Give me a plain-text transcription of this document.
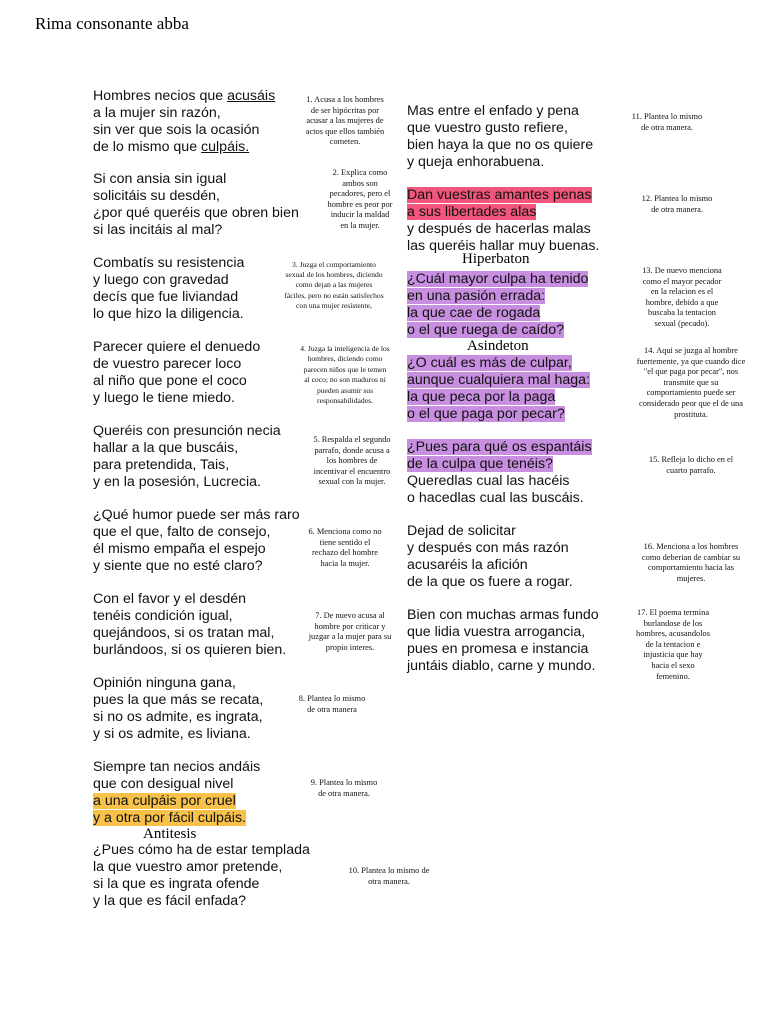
Rima consonante abba
Hombres necios que acusáis
a la mujer sin razón,
sin ver que sois la ocasión
de lo mismo que culpáis.
Si con ansia sin igual
solicitáis su desdén,
¿por qué queréis que obren bien
si las incitáis al mal?
Combatís su resistencia
y luego con gravedad
decís que fue liviandad
lo que hizo la diligencia.
Parecer quiere el denuedo
de vuestro parecer loco
al niño que pone el coco
y luego le tiene miedo.
Queréis con presunción necia
hallar a la que buscáis,
para pretendida, Tais,
y en la posesión, Lucrecia.
¿Qué humor puede ser más raro
que el que, falto de consejo,
él mismo empaña el espejo
y siente que no esté claro?
Con el favor y el desdén
tenéis condición igual,
quejándoos, si os tratan mal,
burlándoos, si os quieren bien.
Opinión ninguna gana,
pues la que más se recata,
si no os admite, es ingrata,
y si os admite, es liviana.
Siempre tan necios andáis
que con desigual nivel
a una culpáis por cruel
y a otra por fácil culpáis.
Antitesis
¿Pues cómo ha de estar templada
la que vuestro amor pretende,
si la que es ingrata ofende
y la que es fácil enfada?
Mas entre el enfado y pena
que vuestro gusto refiere,
bien haya la que no os quiere
y queja enhorabuena.
Dan vuestras amantes penas
a sus libertades alas
y después de hacerlas malas
las queréis hallar muy buenas.
Hiperbaton
¿Cuál mayor culpa ha tenido
en una pasión errada:
la que cae de rogada
o el que ruega de caído?
Asindeton
¿O cuál es más de culpar,
aunque cualquiera mal haga:
la que peca por la paga
o el que paga por pecar?
¿Pues para qué os espantáis
de la culpa que tenéis?
Queredlas cual las hacéis
o hacedlas cual las buscáis.
Dejad de solicitar
y después con más razón
acusaréis la afición
de la que os fuere a rogar.
Bien con muchas armas fundo
que lidia vuestra arrogancia,
pues en promesa e instancia
juntáis diablo, carne y mundo.
1. Acusa a los hombres
de ser hipócritas por
acusar a las mujeres de
actos que ellos también
cometen.
2. Explica como
ambos son
pecadores, pero el
hombre es peor por
inducir la maldad
en la mujer.
3. Juzga el comportamiento
sexual de los hombres, diciendo
como dejan a las mujeres
fáciles, pero no están satisfechos
con una mujer resistente,
4. Juzga la inteligencia de los
hombres, diciendo como
parecen niños que le temen
al coco; no son maduros ni
pueden asumir sus
responsabilidades.
5. Respalda el segundo
parrafo, donde acusa a
los hombres de
incentivar el encuentro
sexual con la mujer.
6. Menciona como no
tiene sentido el
rechazo del hombre
hacia la mujer.
7. De nuevo acusa al
hombre por criticar y
juzgar a la mujer para su
propio interes.
8. Plantea lo mismo
de otra manera
9. Plantea lo mismo
de otra manera.
10. Plantea lo mismo de
otra manera.
11. Plantea lo mismo
de otra manera.
12. Plantea lo mismo
de otra manera.
13. De nuevo menciona
como el mayor pecador
en la relacion es el
hombre, debido a que
buscaba la tentacion
sexual (pecado).
14. Aqui se juzga al hombre
fuertemente, ya que cuando dice
"el que paga por pecar", nos
transmite que su
comportamiento puede ser
considerado peor que el de una
prostituta.
15. Refleja lo dicho en el
cuarto parrafo.
16. Menciona a los hombres
como deberian de cambiar su
comportamiento hacia las
mujeres.
17. El poema termina
burlandose de los
hombres, acusandolos
de la tentacion e
injusticia que hay
hacia el sexo
femenino.
